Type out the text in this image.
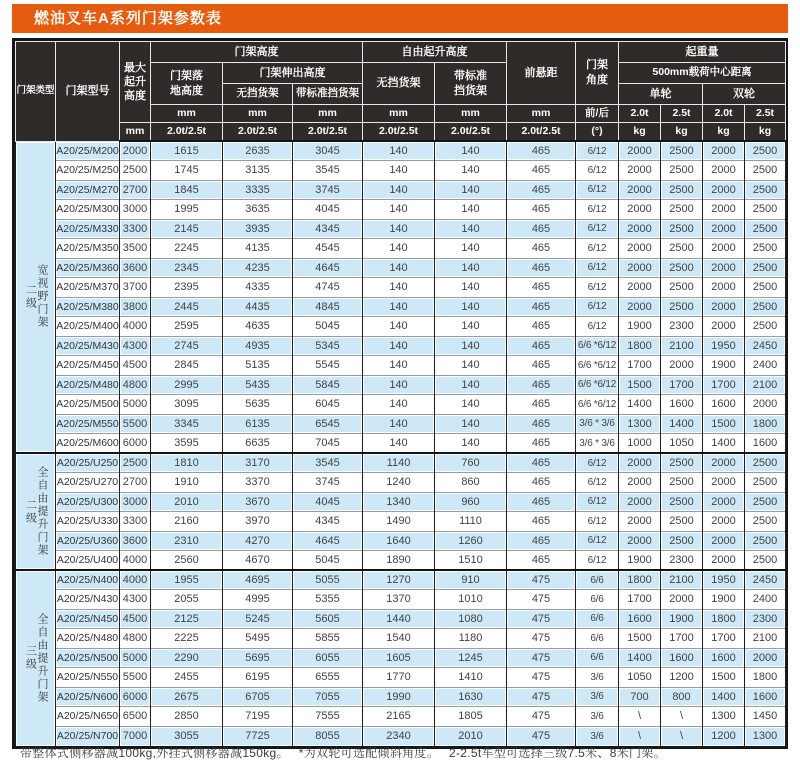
燃油叉车A系列门架参数表
门架类型	门架型号	最大起升高度	门架高度			自由起升高度		前悬距	门架角度	起重量			
			门架落地高度	门架伸出高度		无挡货架	带标准挡货架			500mm载荷中心距离			
				无挡货架	带标准挡货架					单轮		双轮	
			mm	mm	mm	mm	mm	mm	前/后	2.0t	2.5t	2.0t	2.5t
		mm	2.0t/2.5t	2.0t/2.5t	2.0t/2.5t	2.0t/2.5t	2.0t/2.5t	2.0t/2.5t	(°)	kg	kg	kg	kg

二级 宽视野门架	A20/25/M200	2000	1615	2635	3045	140	140	465	6/12	2000	2500	2000	2500
	A20/25/M250	2500	1745	3135	3545	140	140	465	6/12	2000	2500	2000	2500
	A20/25/M270	2700	1845	3335	3745	140	140	465	6/12	2000	2500	2000	2500
	A20/25/M300	3000	1995	3635	4045	140	140	465	6/12	2000	2500	2000	2500
	A20/25/M330	3300	2145	3935	4345	140	140	465	6/12	2000	2500	2000	2500
	A20/25/M350	3500	2245	4135	4545	140	140	465	6/12	2000	2500	2000	2500
	A20/25/M360	3600	2345	4235	4645	140	140	465	6/12	2000	2500	2000	2500
	A20/25/M370	3700	2395	4335	4745	140	140	465	6/12	2000	2500	2000	2500
	A20/25/M380	3800	2445	4435	4845	140	140	465	6/12	2000	2500	2000	2500
	A20/25/M400	4000	2595	4635	5045	140	140	465	6/12	1900	2300	2000	2500
	A20/25/M430	4300	2745	4935	5345	140	140	465	6/6 *6/12	1800	2100	1950	2450
	A20/25/M450	4500	2845	5135	5545	140	140	465	6/6 *6/12	1700	2000	1900	2400
	A20/25/M480	4800	2995	5435	5845	140	140	465	6/6 *6/12	1500	1700	1700	2100
	A20/25/M500	5000	3095	5635	6045	140	140	465	6/6 *6/12	1400	1600	1600	2000
	A20/25/M550	5500	3345	6135	6545	140	140	465	3/6 * 3/6	1300	1400	1500	1800
	A20/25/M600	6000	3595	6635	7045	140	140	465	3/6 * 3/6	1000	1050	1400	1600

二级 全自由提升门架	A20/25/U250	2500	1810	3170	3545	1140	760	465	6/12	2000	2500	2000	2500
	A20/25/U270	2700	1910	3370	3745	1240	860	465	6/12	2000	2500	2000	2500
	A20/25/U300	3000	2010	3670	4045	1340	960	465	6/12	2000	2500	2000	2500
	A20/25/U330	3300	2160	3970	4345	1490	1110	465	6/12	2000	2500	2000	2500
	A20/25/U360	3600	2310	4270	4645	1640	1260	465	6/12	2000	2500	2000	2500
	A20/25/U400	4000	2560	4670	5045	1890	1510	465	6/12	1900	2300	2000	2500

三级 全自由提升门架	A20/25/N400	4000	1955	4695	5055	1270	910	475	6/6	1800	2100	1950	2450
	A20/25/N430	4300	2055	4995	5355	1370	1010	475	6/6	1700	2000	1900	2400
	A20/25/N450	4500	2125	5245	5605	1440	1080	475	6/6	1600	1900	1800	2300
	A20/25/N480	4800	2225	5495	5855	1540	1180	475	6/6	1500	1700	1700	2100
	A20/25/N500	5000	2290	5695	6055	1605	1245	475	6/6	1400	1600	1600	2000
	A20/25/N550	5500	2455	6195	6555	1770	1410	475	3/6	1050	1200	1500	1800
	A20/25/N600	6000	2675	6705	7055	1990	1630	475	3/6	700	800	1400	1600
	A20/25/N650	6500	2850	7195	7555	2165	1805	475	3/6	\	\	1300	1450
	A20/25/N700	7000	3055	7725	8055	2340	2010	475	3/6	\	\	1200	1300
带整体式侧移器减100kg,外挂式侧移器减150kg。　 *为双轮可选配倾斜角度。　 2-2.5t车型可选择三级7.5米、8米门架。
